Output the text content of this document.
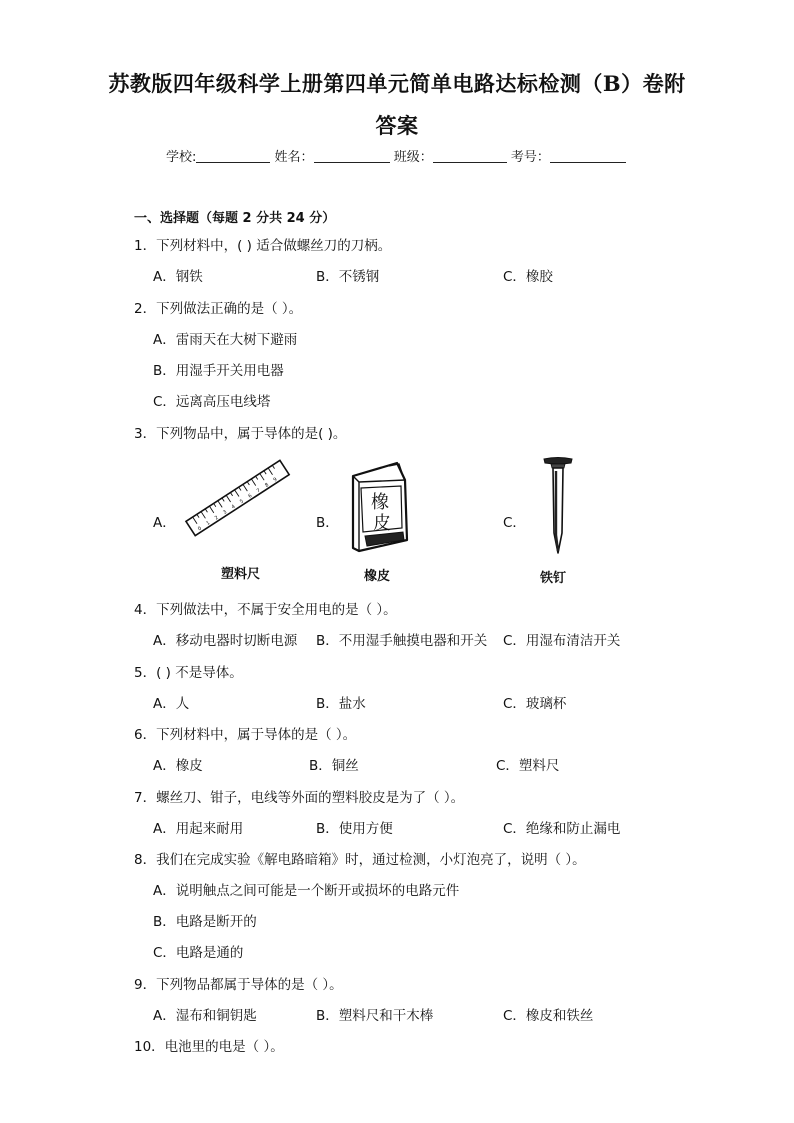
苏教版四年级科学上册第四单元简单电路达标检测（B）卷附
答案
学校:	姓名：	班级：	考号：
一、选择题（每题 2 分共 24 分）
1．下列材料中，( ) 适合做螺丝刀的刀柄。
A．钢铁	B．不锈钢	C．橡胶
2．下列做法正确的是（ ）。
A．雷雨天在大树下避雨
B．用湿手开关用电器
C．远离高压电线塔
3．下列物品中，属于导体的是( )。
A．	B．	C．
0
1
2
3
4
5
6
7
8
9
塑料尺
橡
皮
橡皮	铁钉
4．下列做法中，不属于安全用电的是（ ）。
A．移动电器时切断电源 B．不用湿手触摸电器和开关 C．用湿布清洁开关
5．( ) 不是导体。
A．人	B．盐水	C．玻璃杯
6．下列材料中，属于导体的是（ ）。
A．橡皮	B．铜丝	C．塑料尺
7．螺丝刀、钳子，电线等外面的塑料胶皮是为了（ ）。
A．用起来耐用	B．使用方便	C．绝缘和防止漏电
8．我们在完成实验《解电路暗箱》时，通过检测，小灯泡亮了，说明（ ）。
A．说明触点之间可能是一个断开或损坏的电路元件
B．电路是断开的
C．电路是通的
9．下列物品都属于导体的是（ ）。
A．湿布和铜钥匙	B．塑料尺和干木棒	C．橡皮和铁丝
10．电池里的电是（ ）。
